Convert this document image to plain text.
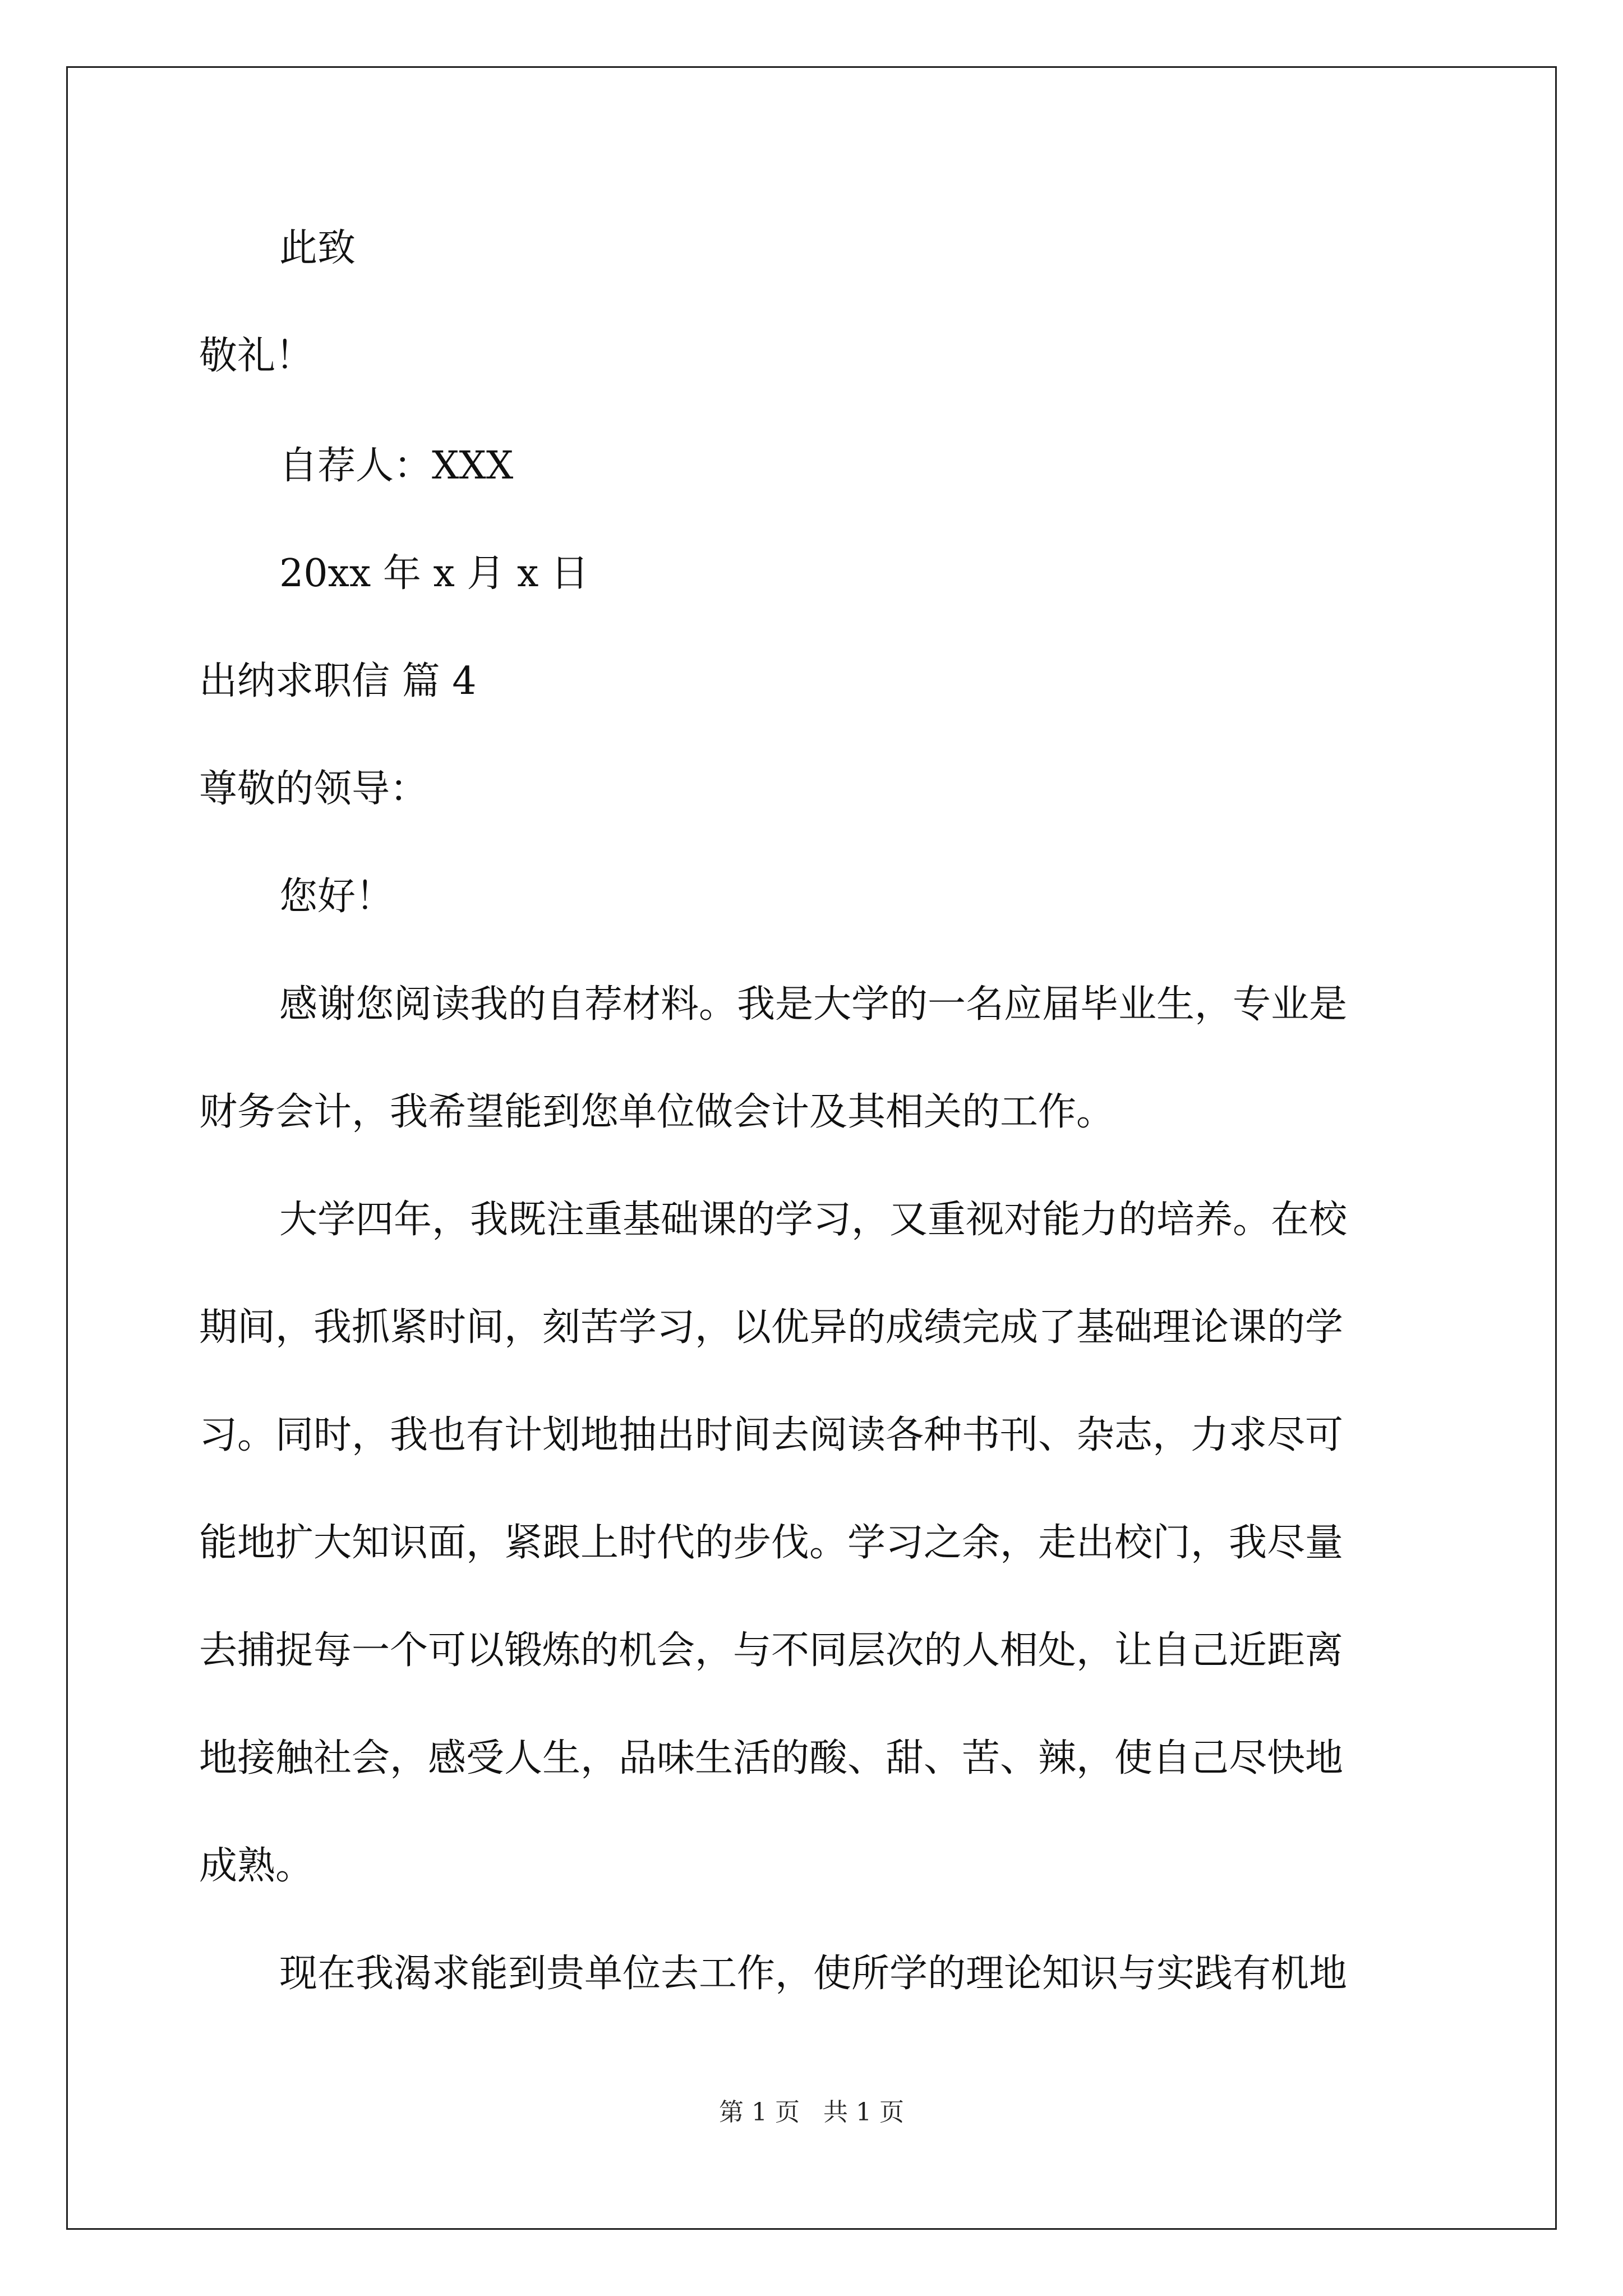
此致
敬礼！
自荐人：XXX
20xx 年 x 月 x 日
出纳求职信 篇 4
尊敬的领导：
您好！
感谢您阅读我的自荐材料。我是大学的一名应届毕业生，专业是
财务会计，我希望能到您单位做会计及其相关的工作。
大学四年，我既注重基础课的学习，又重视对能力的培养。在校
期间，我抓紧时间，刻苦学习，以优异的成绩完成了基础理论课的学
习。同时，我也有计划地抽出时间去阅读各种书刊、杂志，力求尽可
能地扩大知识面，紧跟上时代的步伐。学习之余，走出校门，我尽量
去捕捉每一个可以锻炼的机会，与不同层次的人相处，让自己近距离
地接触社会，感受人生，品味生活的酸、甜、苦、辣，使自己尽快地
成熟。
现在我渴求能到贵单位去工作，使所学的理论知识与实践有机地
第 1 页   共 1 页
